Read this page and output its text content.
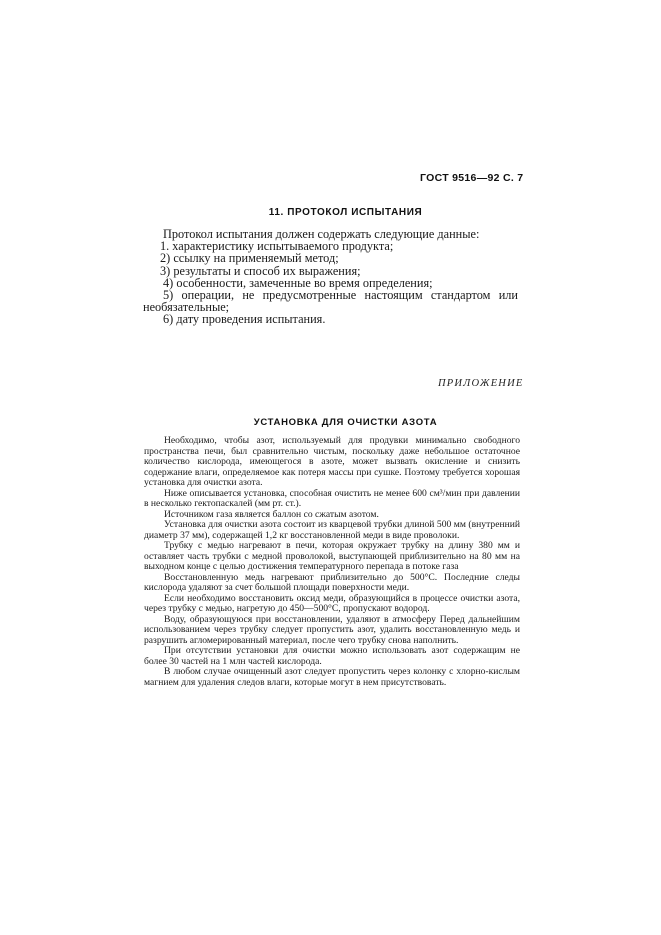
ГОСТ 9516—92 С. 7
11. ПРОТОКОЛ ИСПЫТАНИЯ
Протокол испытания должен содержать следующие данные:
1. характеристику испытываемого продукта;
2) ссылку на применяемый метод;
3) результаты и способ их выражения;
4) особенности, замеченные во время определения;
5) операции, не предусмотренные настоящим стандартом или
необязательные;
6) дату проведения испытания.
ПРИЛОЖЕНИЕ
УСТАНОВКА ДЛЯ ОЧИСТКИ АЗОТА

Необходимо, чтобы азот, используемый для продувки минимально свободного пространства печи, был сравнительно чистым, поскольку даже небольшое остаточное количество кислорода, имеющегося в азоте, может вызвать окисление и снизить содержание влаги, определяемое как потеря массы при сушке. Поэтому требуется хорошая установка для очистки азота.

Ниже описывается установка, способная очистить не менее 600 см³/мин при давлении в несколько гектопаскалей (мм рт. ст.).

Источником газа является баллон со сжатым азотом.

Установка для очистки азота состоит из кварцевой трубки длиной 500 мм (внутренний диаметр 37 мм), содержащей 1,2 кг восстановленной меди в виде проволоки.

Трубку с медью нагревают в печи, которая окружает трубку на длину 380 мм и оставляет часть трубки с медной проволокой, выступающей приблизительно на 80 мм на выходном конце с целью достижения температурного перепада в потоке газа

Восстановленную медь нагревают приблизительно до 500°С. Последние следы кислорода удаляют за счет большой площади поверхности меди.

Если необходимо восстановить оксид меди, образующийся в процессе очистки азота, через трубку с медью, нагретую до 450—500°С, пропускают водород.

Воду, образующуюся при восстановлении, удаляют в атмосферу Перед дальнейшим использованием через трубку следует пропустить азот, удалить восстановленную медь и разрушить агломерированный материал, после чего трубку снова наполнить.

При отсутствии установки для очистки можно использовать азот содержащим не более 30 частей на 1 млн частей кислорода.

В любом случае очищенный азот следует пропустить через колонку с хлорно-кислым магнием для удаления следов влаги, которые могут в нем присутствовать.
